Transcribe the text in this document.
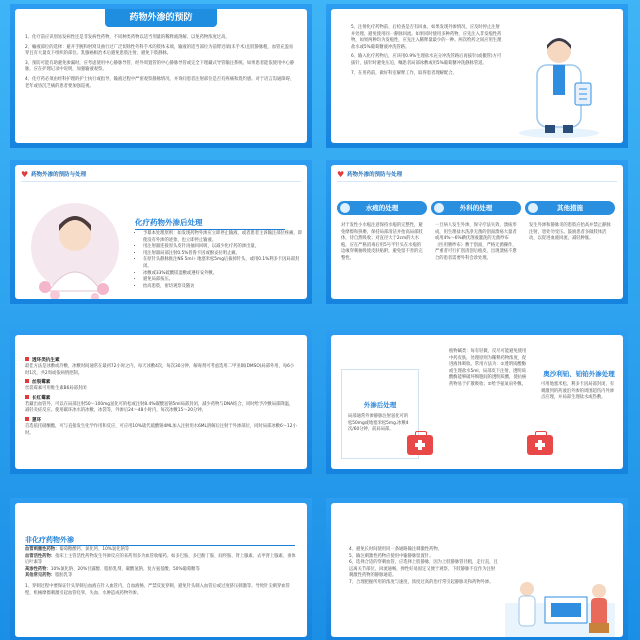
药物外渗的预防
1、化疗前应识别易发病性还是非发病性药物，不同种类药物以适当剂量的稀释液溶解，以免药物浓度过高。
2、輸液部位的选择：避开手腕和肘窝及曲行过广泛切除性外科手术的肢体末端，输液的适当部位为前臂近端(未手术)且肢静脉粗，血管充盈易穿且有大量皮下组织的部位。乳腺癌根治术后避免患肢注射，避免下肢静脉。
3、预防可能有助避免渗漏时，应考虑使用中心静脉导管，经外周置管的中心静脉导管或完全下埋藏式导管输注系统。如果患者能依使用中心静脉，应在护理记录中说明，加强输液观察。
4、化疗药必须由经科护理的护士执行或指导，输液过程中严密观察静脉情况、并询问患者注射部位是否有疼痛和烧灼感。对于语言沟通障碍、老年或昏沉乏痛的患者要加强巡视。
5、注射化疗药物前、后检查是否有回血，如果发现外渗情况，应及时停止注射并处理，避免使用同一静脉回流。如果同时使用多种药物，应先注入非发疱性药物，如果两种均为发疱性，应先注入稀释量最少的一种。两次给药之间应用生理盐水或5%葡萄糖液冲洗管路。
6、输入化疗药物后，应该用0.9%生理盐水充分冲洗管路后再拔针(或撤管)方可拔针，拔针时避免压迫，嘱患者局部冰敷或用5%葡萄糖冲洗静脉管道。
7、在用药前，做好科室解释工作，取得患者理解配合。
♥ 药物外渗的预防与处理
化疗药物外渗后处理
• 予暴本处理原则：如发现药物外渗应立即停止输液，或者患者主诉输注部位疼痛，即使没有外渗的迹象，也立即停止输液。
• 用注射器连接原头皮针再抽回回吸，以减少化疗药的渗出量。
• 用注射器局部注射0.5%普鲁卡因或酚妥拉明止痛。
• 在原针头静脉推注NS 5ml＋地塞米松5mg后拔掉针头，或用0.1%利多卡因局部封闭。
• 冰敷或33%硫酸镁湿敷或遵好安外敷。
• 避免局部按压。
• 抬高患肢，密切观察及随访
♥ 药物外渗的预防与处理
水疱的处理
对于发性小水疱注意保持水疱的完整性，避免摩擦和挤磨，保持局部清洁并抬高局部肢体，待自然吸收；对直径大于2cm的大水疱，应在严格消毒后用5号半针头在水疱的边缘穿刺抽吸使皮肤贴附，避免留不善的完整性。
外科的处理
一旦病人发生外渗，保守疗法失效、溃疡形成，用生理盐水洗净无菌的创面溃疡大量者或用4%～6%碘伏溶液灌洗的无菌纱布（医用胰纱布）敷于创面，严格无菌操作，严重者可行扩创清创后植皮，出现溃疡不愈合的患者需要外科会诊处理。
其他措施
发生外渗和静脉炎的患肢应抬高并禁止静脉注射，患处勿受压。鼓励患者多做肢体活动，以促进血液回流，减轻肿胀。
透环类抗生素
最佳方法是冰敷或冷敷，冰敷时间通常在最初72小时之内，每天冰敷4次，每次30分钟，解毒剂可考虑选用二甲亚砜(DMSO)局部外用，每6小时1次，共2周或依病情控制。
丝裂霉素
丝裂霉素可用维生素B6局部封闭
长红霉素
若藏出血管外，可以在局部注射50～100mg氢化可的松或注射8.4%碳酸氢钠5ml局部封闭，减少药物与DNA结合，同时给予冷敷局部降温，减轻炎症反应。使用碳环冰水的冰敷，冰袋等，外渗后24～48小时内，每次冰敷15～20分钟。
蒽环
首选依托硝酮酯，可与直接发生化学作用和反应，可应用10%硫代硫酸钠4ML加入注射用水6ML溶解后注射于外渗部位，同时局部冰敷6～12小时。
外渗后处理
局部通常外渗静脉注射氢化可的松50mg或地塞米松5mg.冰敷4次/60分钟，前局局部。
植物碱类：每有轻微、反尽可能避免使用中药皮肤，处理原则为稀释药物浓度，促进液体吸收。常用方法为：①透明质酸酶或生理盐水5ml，局部皮下注射，透明质酸酶能够破坏细胞间的透明质酸，使抗癌药物易于扩散吸收；②给予氨氧肩外敷。
奥沙利铂、铂铂外渗处理
可用地塞米松、利多卡因局部封闭，有刺激到的药液沿外渗的周围超伤内外渗点应理，并局部生理盐水或热敷。
非化疗药物外渗
血管刺激性药物：葡萄糖酸钙、氯化钙、10%氯化钠等
血管活性药物：指床上主管活性药物发生外渗反应的来药剂多为血管收缩药，如多巴胺、多巴酚丁胺、间羟胺、肾上腺素、去甲肾上腺素、垂体后叶素等
高渗性药物：10%氯化钠、20%甘露醇、脂肪乳剂、碳酸氢钠、复方氨基酸、50%葡萄糖等
其他常见药物：脂肪乳等
1、穿刺过程中要保证针头穿刺后血液在针入血管内，自血液畅、严禁反复穿刺，避免针头刺入血管后或过度挤压刺激等。导致针尖刺穿血管壁，机械摩擦刺激引起血管痉挛，失血、水肿造成药物外渗。
4、避免长时间使用同一条通路输注刺激性药物。
5、输注刺激性药物应使用中输静脉留置针。
6、选择合适的穿刺血管，应选择上肢静脉，因为上肢静脉管径粗，走行直，且远离关节部位，回流通畅，弹性好易固定又便于观察，下肢静脉不宜作为注射刺激性药物的静脉通道。
7、合理把握所用的浓度与速度，浓度过高的治疗常引起静脉炎和药物外渗。
